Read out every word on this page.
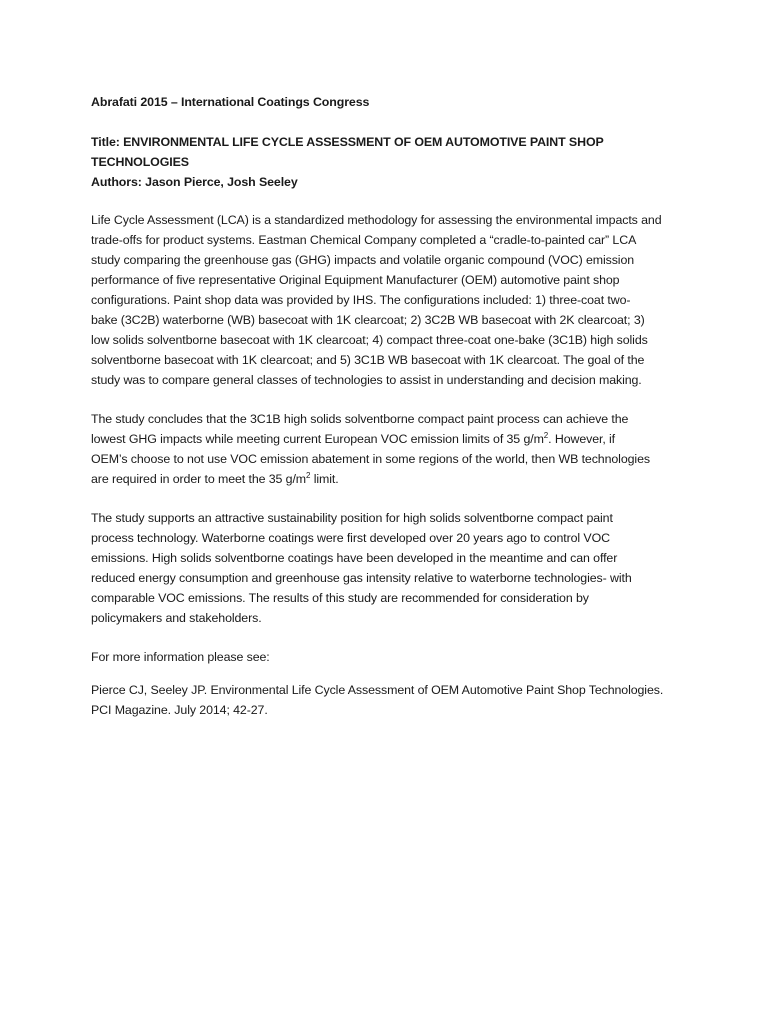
Abrafati 2015 – International Coatings Congress

Title: ENVIRONMENTAL LIFE CYCLE ASSESSMENT OF OEM AUTOMOTIVE PAINT SHOP
TECHNOLOGIES
Authors: Jason Pierce, Josh Seeley
Life Cycle Assessment (LCA) is a standardized methodology for assessing the environmental impacts and
trade-offs for product systems. Eastman Chemical Company completed a “cradle-to-painted car” LCA
study comparing the greenhouse gas (GHG) impacts and volatile organic compound (VOC) emission
performance of five representative Original Equipment Manufacturer (OEM) automotive paint shop
configurations. Paint shop data was provided by IHS. The configurations included: 1) three-coat two-
bake (3C2B) waterborne (WB) basecoat with 1K clearcoat; 2) 3C2B WB basecoat with 2K clearcoat; 3)
low solids solventborne basecoat with 1K clearcoat; 4) compact three-coat one-bake (3C1B) high solids
solventborne basecoat with 1K clearcoat; and 5) 3C1B WB basecoat with 1K clearcoat. The goal of the
study was to compare general classes of technologies to assist in understanding and decision making.
The study concludes that the 3C1B high solids solventborne compact paint process can achieve the
lowest GHG impacts while meeting current European VOC emission limits of 35 $g/m^2$. However, if
OEM’s choose to not use VOC emission abatement in some regions of the world, then WB technologies
are required in order to meet the 35 $g/m^2$ limit.
The study supports an attractive sustainability position for high solids solventborne compact paint
process technology. Waterborne coatings were first developed over 20 years ago to control VOC
emissions. High solids solventborne coatings have been developed in the meantime and can offer
reduced energy consumption and greenhouse gas intensity relative to waterborne technologies- with
comparable VOC emissions. The results of this study are recommended for consideration by
policymakers and stakeholders.
For more information please see:
Pierce CJ, Seeley JP. Environmental Life Cycle Assessment of OEM Automotive Paint Shop Technologies.
PCI Magazine. July 2014; 42-27.
